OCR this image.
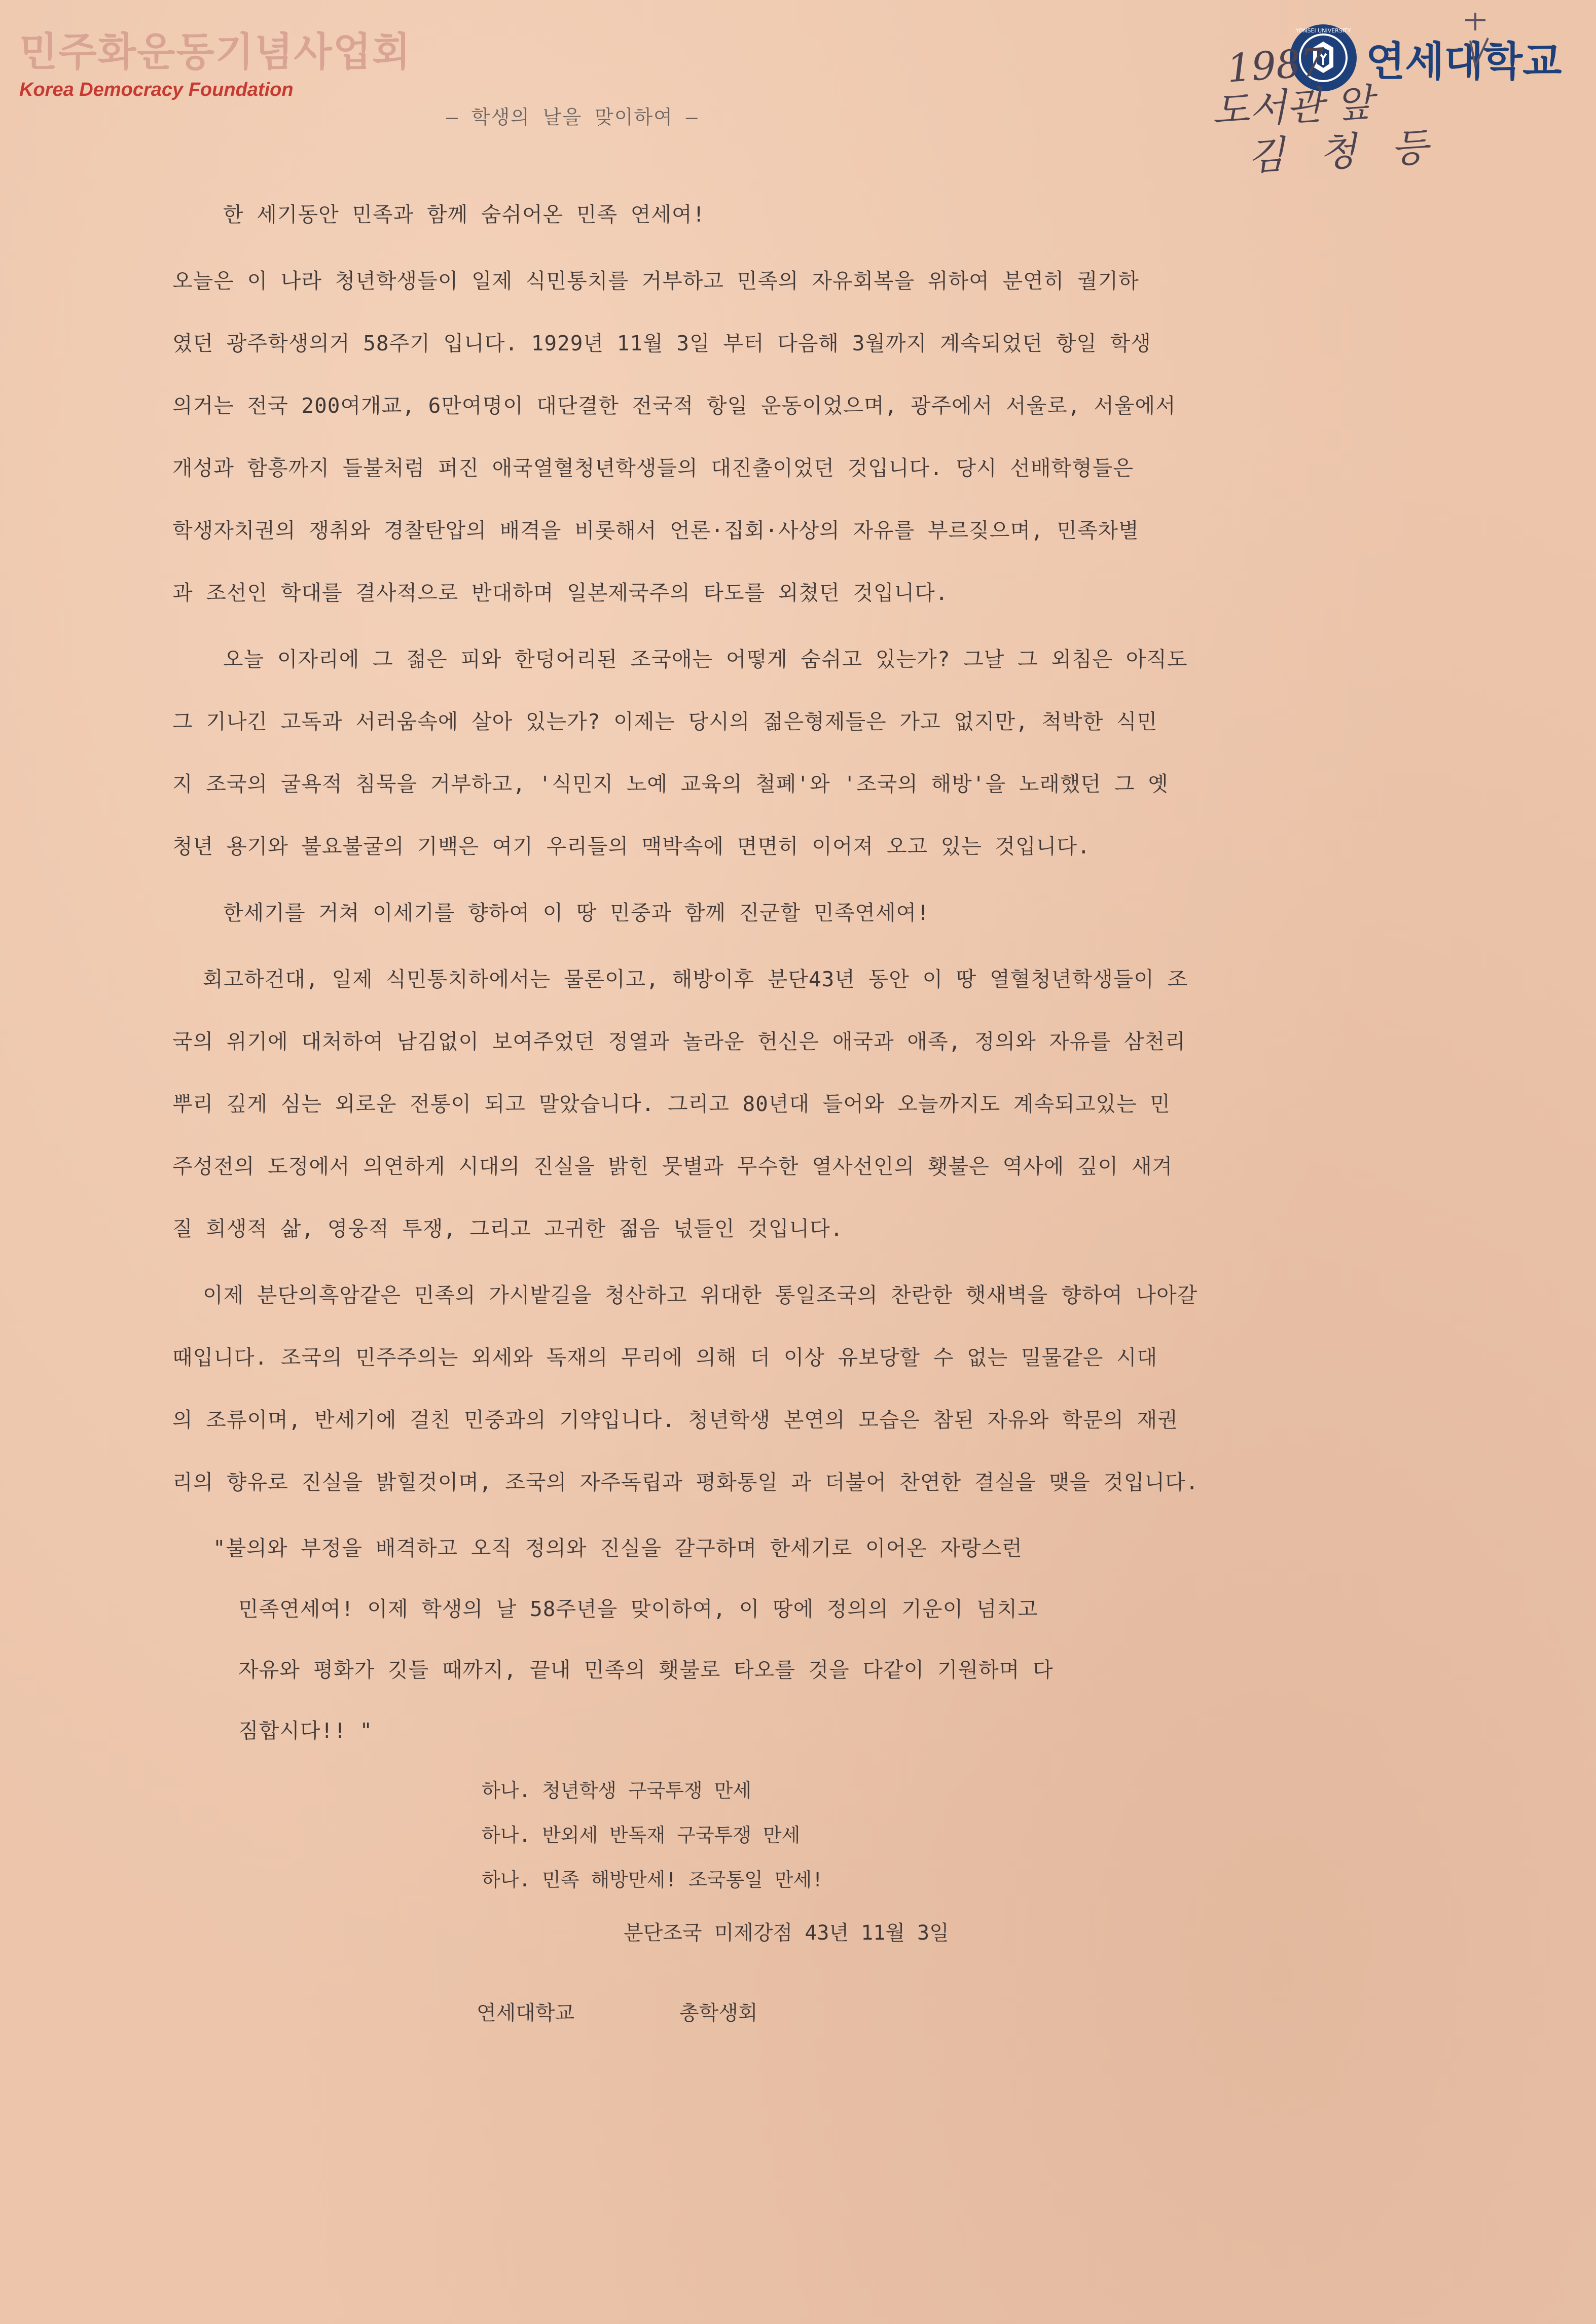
민주화운동기념사업회
Korea Democracy Foundation
YONSEI UNIVERSITY
연세대학교
1987
도서관 앞
김 청 등
— 학생의 날을 맞이하여 —
한 세기동안 민족과 함께 숨쉬어온 민족 연세여!
오늘은 이 나라 청년학생들이 일제 식민통치를 거부하고 민족의 자유회복을 위하여 분연히 궐기하
였던 광주학생의거 58주기 입니다. 1929년 11월 3일 부터 다음해 3월까지 계속되었던 항일 학생
의거는 전국 200여개교, 6만여명이 대단결한 전국적 항일 운동이었으며, 광주에서 서울로, 서울에서
개성과 함흥까지 들불처럼 퍼진 애국열혈청년학생들의 대진출이었던 것입니다. 당시 선배학형들은
학생자치권의 쟁취와 경찰탄압의 배격을 비롯해서 언론·집회·사상의 자유를 부르짖으며, 민족차별
과 조선인 학대를 결사적으로 반대하며 일본제국주의 타도를 외쳤던 것입니다.
오늘 이자리에 그 젊은 피와 한덩어리된 조국애는 어떻게 숨쉬고 있는가? 그날 그 외침은 아직도
그 기나긴 고독과 서러움속에 살아 있는가? 이제는 당시의 젊은형제들은 가고 없지만, 척박한 식민
지 조국의 굴욕적 침묵을 거부하고, '식민지 노예 교육의 철폐'와 '조국의 해방'을 노래했던 그 옛
청년 용기와 불요불굴의 기백은 여기 우리들의 맥박속에 면면히 이어져 오고 있는 것입니다.
한세기를 거쳐 이세기를 향하여 이 땅 민중과 함께 진군할 민족연세여!
회고하건대, 일제 식민통치하에서는 물론이고, 해방이후 분단43년 동안 이 땅 열혈청년학생들이 조
국의 위기에 대처하여 남김없이 보여주었던 정열과 놀라운 헌신은 애국과 애족, 정의와 자유를 삼천리
뿌리 깊게 심는 외로운 전통이 되고 말았습니다. 그리고 80년대 들어와 오늘까지도 계속되고있는 민
주성전의 도정에서 의연하게 시대의 진실을 밝힌 뭇별과 무수한 열사선인의 횃불은 역사에 깊이 새겨
질 희생적 삶, 영웅적 투쟁, 그리고 고귀한 젊음 넋들인 것입니다.
이제 분단의흑암같은 민족의 가시밭길을 청산하고 위대한 통일조국의 찬란한 햇새벽을 향하여 나아갈
때입니다. 조국의 민주주의는 외세와 독재의 무리에 의해 더 이상 유보당할 수 없는 밀물같은 시대
의 조류이며, 반세기에 걸친 민중과의 기약입니다. 청년학생 본연의 모습은 참된 자유와 학문의 재권
리의 향유로 진실을 밝힐것이며, 조국의 자주독립과 평화통일 과 더불어 찬연한 결실을 맺을 것입니다.
"불의와 부정을 배격하고 오직 정의와 진실을 갈구하며 한세기로 이어온 자랑스런
민족연세여! 이제 학생의 날 58주년을 맞이하여, 이 땅에 정의의 기운이 넘치고
자유와 평화가 깃들 때까지, 끝내 민족의 횃불로 타오를 것을 다같이 기원하며 다
짐합시다!! "
하나. 청년학생 구국투쟁 만세
하나. 반외세 반독재 구국투쟁 만세
하나. 민족 해방만세! 조국통일 만세!
분단조국 미제강점 43년 11월 3일
연세대학교	총학생회
